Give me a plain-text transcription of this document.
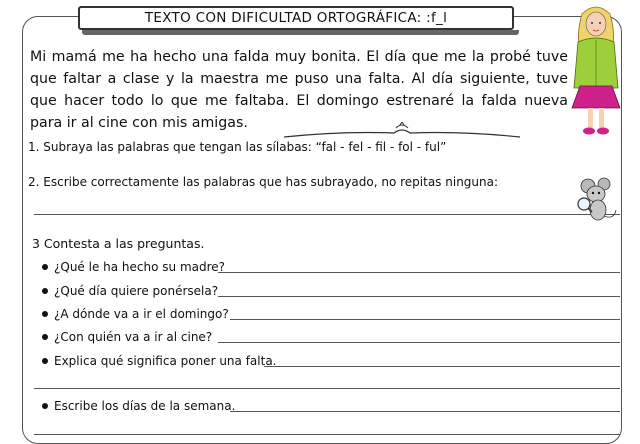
TEXTO CON DIFICULTAD ORTOGRÁFICA: :f_l

Mi mamá me ha hecho una falda muy bonita. El día que me la probé tuve que faltar a clase y la maestra me puso una falta. Al día siguiente, tuve que hacer todo lo que me faltaba. El domingo estrenaré la falda nueva para ir al cine con mis amigas.

1. Subraya las palabras que tengan las sílabas: “fal - fel - fil - fol - ful”
2. Escribe correctamente las palabras que has subrayado, no repitas ninguna:
3 Contesta a las preguntas.
¿Qué le ha hecho su madre?
¿Qué día quiere ponérsela?
¿A dónde va a ir el domingo?
¿Con quién va a ir al cine?
Explica qué significa poner una falta.
Escribe los días de la semana.
